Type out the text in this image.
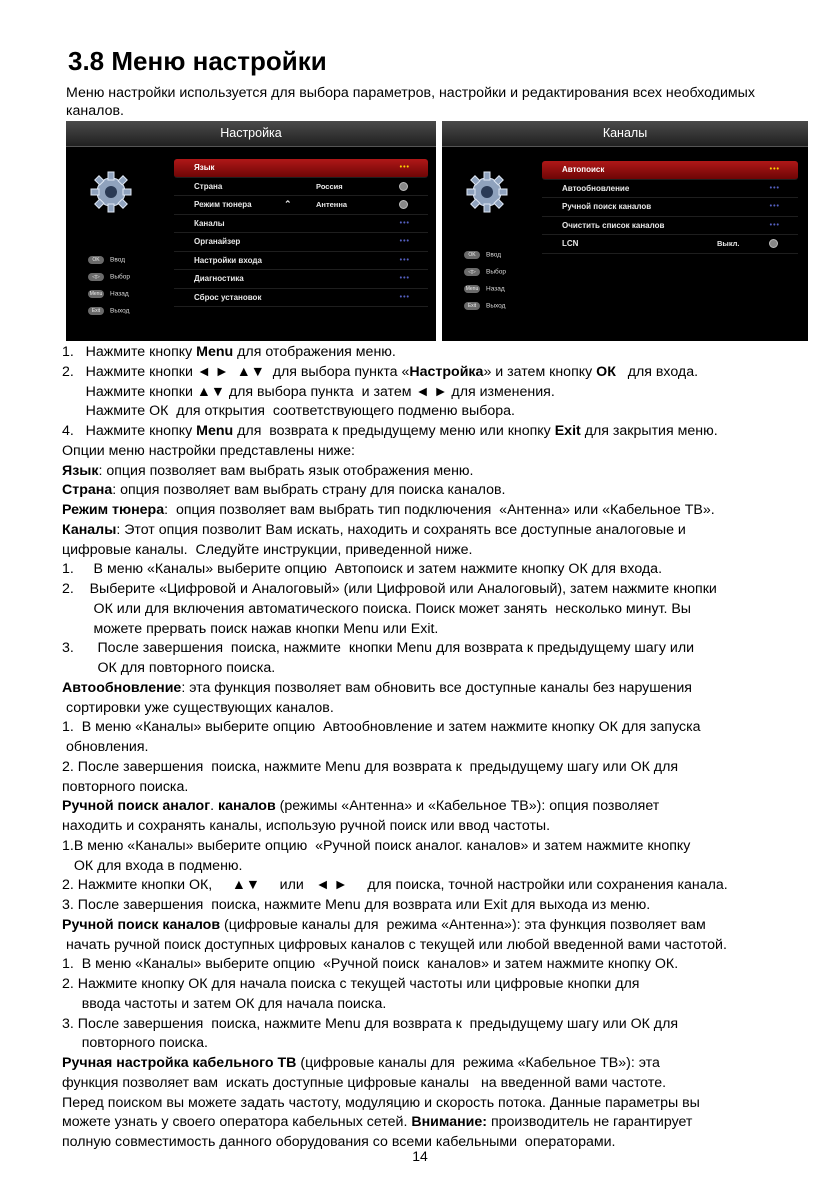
3.8 Меню настройки
Меню настройки используется для выбора параметров, настройки и редактирования всех необходимых каналов.
Настройка
OK Ввод
◁▷ Выбор
Menu Назад
Exit Выход
Язык	•••
Страна	Россия
Режим тюнера	⌃	Антенна
Каналы	•••
Органайзер	•••
Настройки входа	•••
Диагностика	•••
Сброс установок	•••
Каналы
OK Ввод
◁▷ Выбор
Menu Назад
Exit Выход
Автопоиск	•••
Автообновление	•••
Ручной поиск каналов	•••
Очистить список каналов	•••
LCN	Выкл.
1.   Нажмите кнопку Menu для отображения меню.
2.   Нажмите кнопки ◄ ►  ▲▼  для выбора пункта «Настройка» и затем кнопку ОК   для входа.
Нажмите кнопки ▲▼ для выбора пункта  и затем ◄ ► для изменения.
Нажмите ОК  для открытия  соответствующего подменю выбора.
4.   Нажмите кнопку Menu для  возврата к предыдущему меню или кнопку Exit для закрытия меню.
Опции меню настройки представлены ниже:
Язык: опция позволяет вам выбрать язык отображения меню.
Страна: опция позволяет вам выбрать страну для поиска каналов.
Режим тюнера:  опция позволяет вам выбрать тип подключения  «Антенна» или «Кабельное ТВ».
Каналы: Этот опция позволит Вам искать, находить и сохранять все доступные аналоговые и
цифровые каналы.  Следуйте инструкции, приведенной ниже.
1.     В меню «Каналы» выберите опцию  Автопоиск и затем нажмите кнопку ОК для входа.
2.    Выберите «Цифровой и Аналоговый» (или Цифровой или Аналоговый), затем нажмите кнопки
ОК или для включения автоматического поиска. Поиск может занять  несколько минут. Вы
можете прервать поиск нажав кнопки Menu или Exit.
3.      После завершения  поиска, нажмите  кнопки Menu для возврата к предыдущему шагу или
ОК для повторного поиска.
Автообновление: эта функция позволяет вам обновить все доступные каналы без нарушения
сортировки уже существующих каналов.
1.  В меню «Каналы» выберите опцию  Автообновление и затем нажмите кнопку ОК для запуска
обновления.
2. После завершения  поиска, нажмите Menu для возврата к  предыдущему шагу или ОК для
повторного поиска.
Ручной поиск аналог. каналов (режимы «Антенна» и «Кабельное ТВ»): опция позволяет
находить и сохранять каналы, использую ручной поиск или ввод частоты.
1.В меню «Каналы» выберите опцию  «Ручной поиск аналог. каналов» и затем нажмите кнопку
ОК для входа в подменю.
2. Нажмите кнопки ОК,     ▲▼     или   ◄ ►     для поиска, точной настройки или сохранения канала.
3. После завершения  поиска, нажмите Menu для возврата или Exit для выхода из меню.
Ручной поиск каналов (цифровые каналы для  режима «Антенна»): эта функция позволяет вам
начать ручной поиск доступных цифровых каналов с текущей или любой введенной вами частотой.
1.  В меню «Каналы» выберите опцию  «Ручной поиск  каналов» и затем нажмите кнопку ОК.
2. Нажмите кнопку ОК для начала поиска с текущей частоты или цифровые кнопки для
ввода частоты и затем ОК для начала поиска.
3. После завершения  поиска, нажмите Menu для возврата к  предыдущему шагу или ОК для
повторного поиска.
Ручная настройка кабельного ТВ (цифровые каналы для  режима «Кабельное ТВ»): эта
функция позволяет вам  искать доступные цифровые каналы   на введенной вами частоте.
Перед поиском вы можете задать частоту, модуляцию и скорость потока. Данные параметры вы
можете узнать у своего оператора кабельных сетей. Внимание: производитель не гарантирует
полную совместимость данного оборудования со всеми кабельными  операторами.
14
